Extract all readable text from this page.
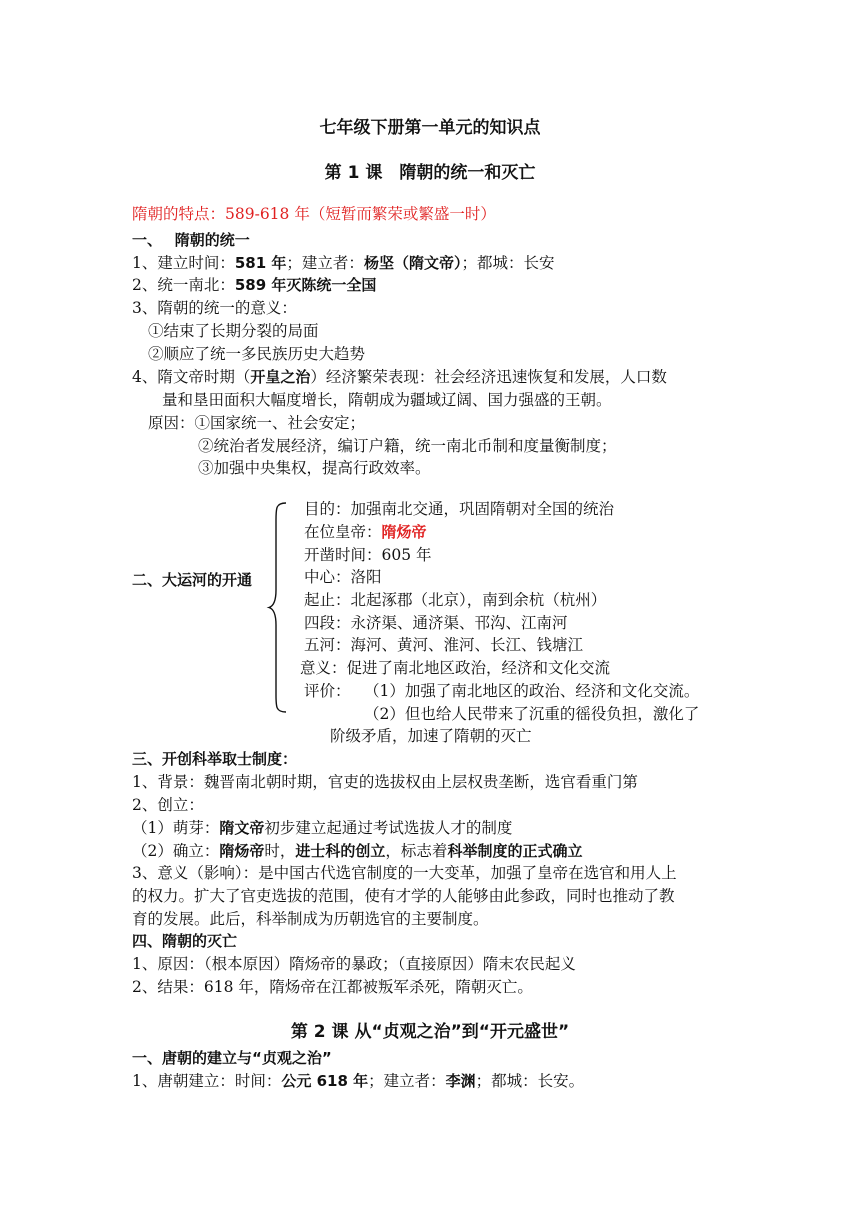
七年级下册第一单元的知识点
第 1 课　隋朝的统一和灭亡
隋朝的特点：589-618 年（短暂而繁荣或繁盛一时）
一、　 隋朝的统一
1、建立时间：581 年；建立者：杨坚（隋文帝）；都城：长安
2、统一南北：589 年灭陈统一全国
3、隋朝的统一的意义：
①结束了长期分裂的局面
②顺应了统一多民族历史大趋势
4、隋文帝时期（开皇之治）经济繁荣表现：社会经济迅速恢复和发展，人口数
量和垦田面积大幅度增长，隋朝成为疆域辽阔、国力强盛的王朝。
原因：①国家统一、社会安定；
②统治者发展经济，编订户籍，统一南北币制和度量衡制度；
③加强中央集权，提高行政效率。
二、大运河的开通
目的：加强南北交通，巩固隋朝对全国的统治
在位皇帝：隋炀帝
开凿时间：605 年
中心：洛阳
起止：北起涿郡（北京），南到余杭（杭州）
四段：永济渠、通济渠、邗沟、江南河
五河：海河、黄河、淮河、长江、钱塘江
意义：促进了南北地区政治，经济和文化交流
评价： （1）加强了南北地区的政治、经济和文化交流。
（2）但也给人民带来了沉重的徭役负担，激化了
阶级矛盾，加速了隋朝的灭亡
三、开创科举取士制度：
1、背景：魏晋南北朝时期，官吏的选拔权由上层权贵垄断，选官看重门第
2、创立：
（1）萌芽：隋文帝初步建立起通过考试选拔人才的制度
（2）确立：隋炀帝时，进士科的创立，标志着科举制度的正式确立
3、意义（影响）：是中国古代选官制度的一大变革，加强了皇帝在选官和用人上
的权力。扩大了官吏选拔的范围，使有才学的人能够由此参政，同时也推动了教
育的发展。此后，科举制成为历朝选官的主要制度。
四、隋朝的灭亡
1、原因：（根本原因）隋炀帝的暴政；（直接原因）隋末农民起义
2、结果：618 年，隋炀帝在江都被叛军杀死，隋朝灭亡。
第 2 课 从“贞观之治”到“开元盛世”
一、唐朝的建立与“贞观之治”
1、唐朝建立：时间：公元 618 年；建立者：李渊；都城：长安。
